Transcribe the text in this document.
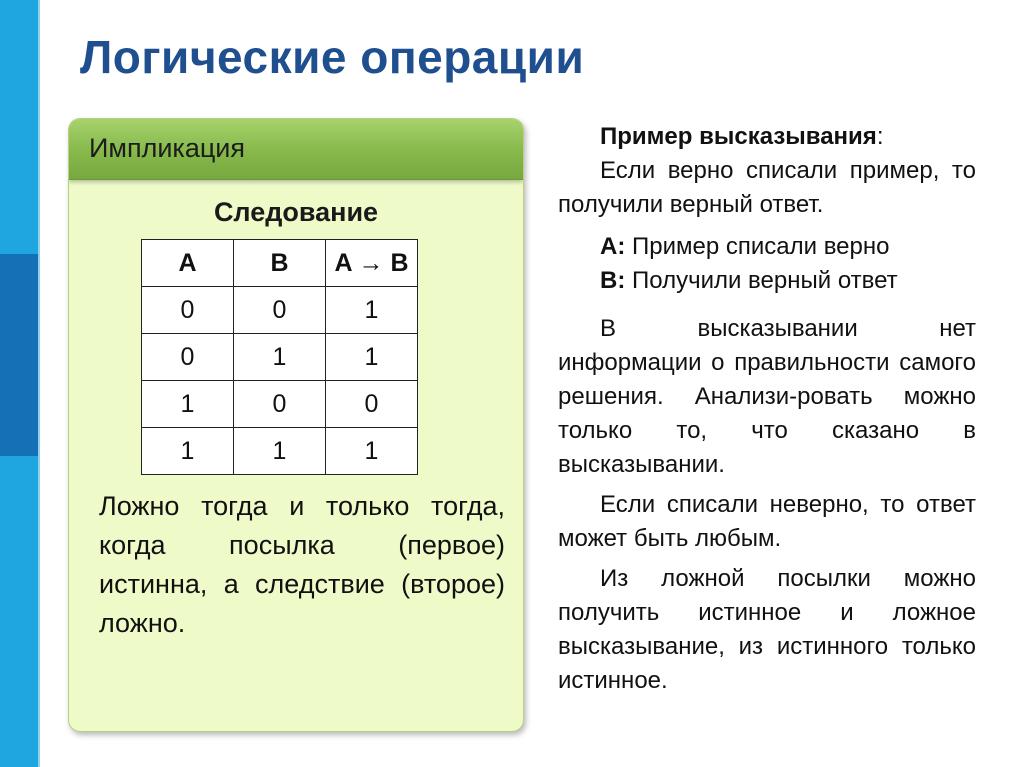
Логические операции
Импликация
Следование
A	B	A → B
0	0	1
0	1	1
1	0	0
1	1	1

Ложно тогда и только тогда, когда посылка (первое) истинна, а следствие (второе) ложно.

Пример высказывания:

Если верно списали пример, то получили верный ответ.

A: Пример списали верно

B: Получили верный ответ

В высказывании нет информации о правильности самого решения. Анализи-ровать можно только то, что сказано в высказывании.

Если списали неверно, то ответ может быть любым.

Из ложной посылки можно получить истинное и ложное высказывание, из истинного только истинное.
